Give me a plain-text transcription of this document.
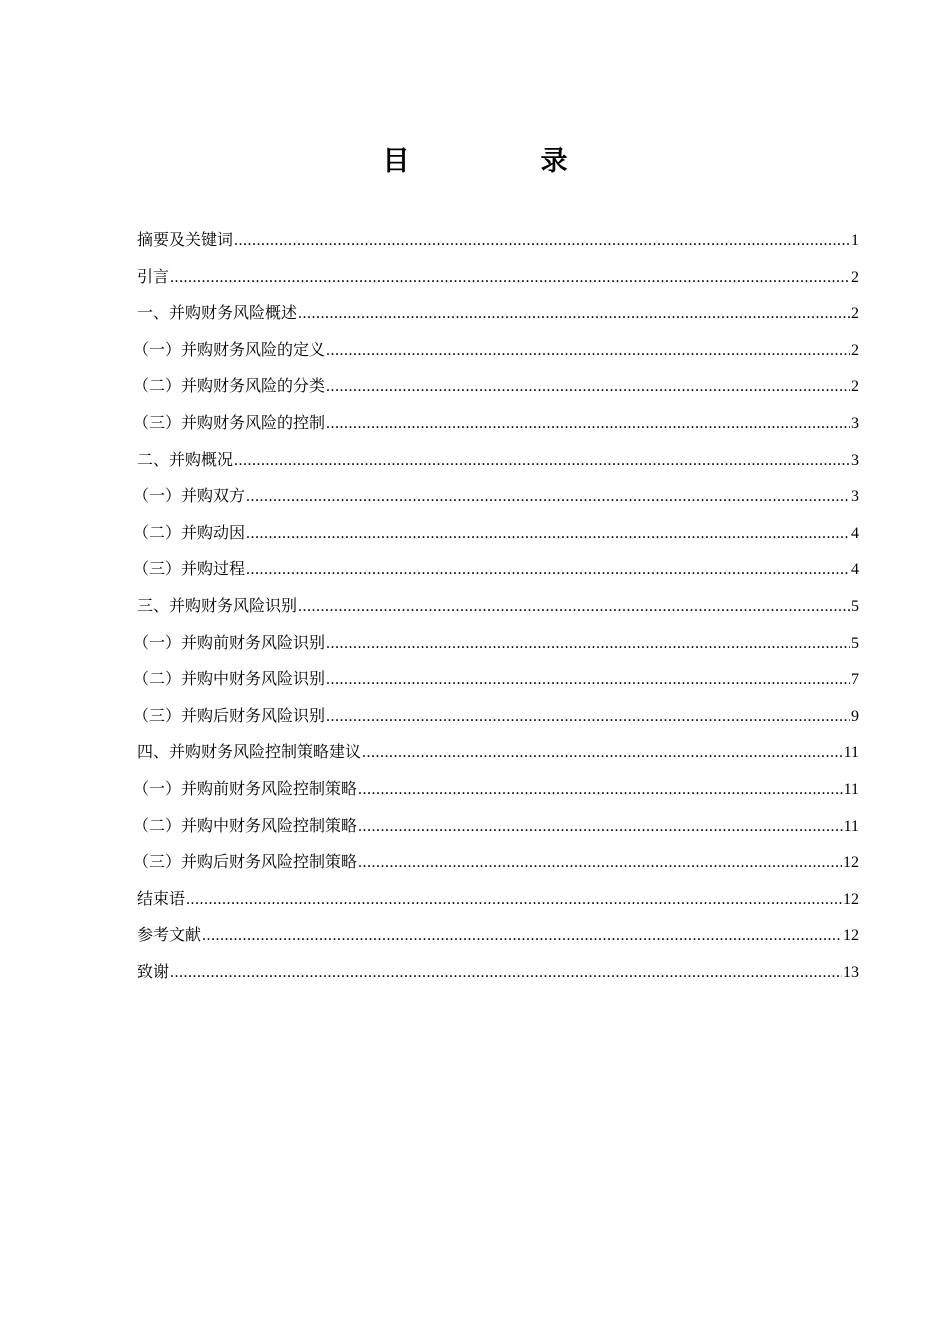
目　录
摘要及关键词 .....	1
引言 .....	2
一、并购财务风险概述 .....	2
（一）并购财务风险的定义 .....	2
（二）并购财务风险的分类 .....	2
（三）并购财务风险的控制 .....	3
二、并购概况 .....	3
（一）并购双方 .....	3
（二）并购动因 .....	4
（三）并购过程 .....	4
三、并购财务风险识别 .....	5
（一）并购前财务风险识别 .....	5
（二）并购中财务风险识别 .....	7
（三）并购后财务风险识别 .....	9
四、并购财务风险控制策略建议 .....	11
（一）并购前财务风险控制策略 .....	11
（二）并购中财务风险控制策略 .....	11
（三）并购后财务风险控制策略 .....	12
结束语 .....	12
参考文献 .....	12
致谢 .....	13
